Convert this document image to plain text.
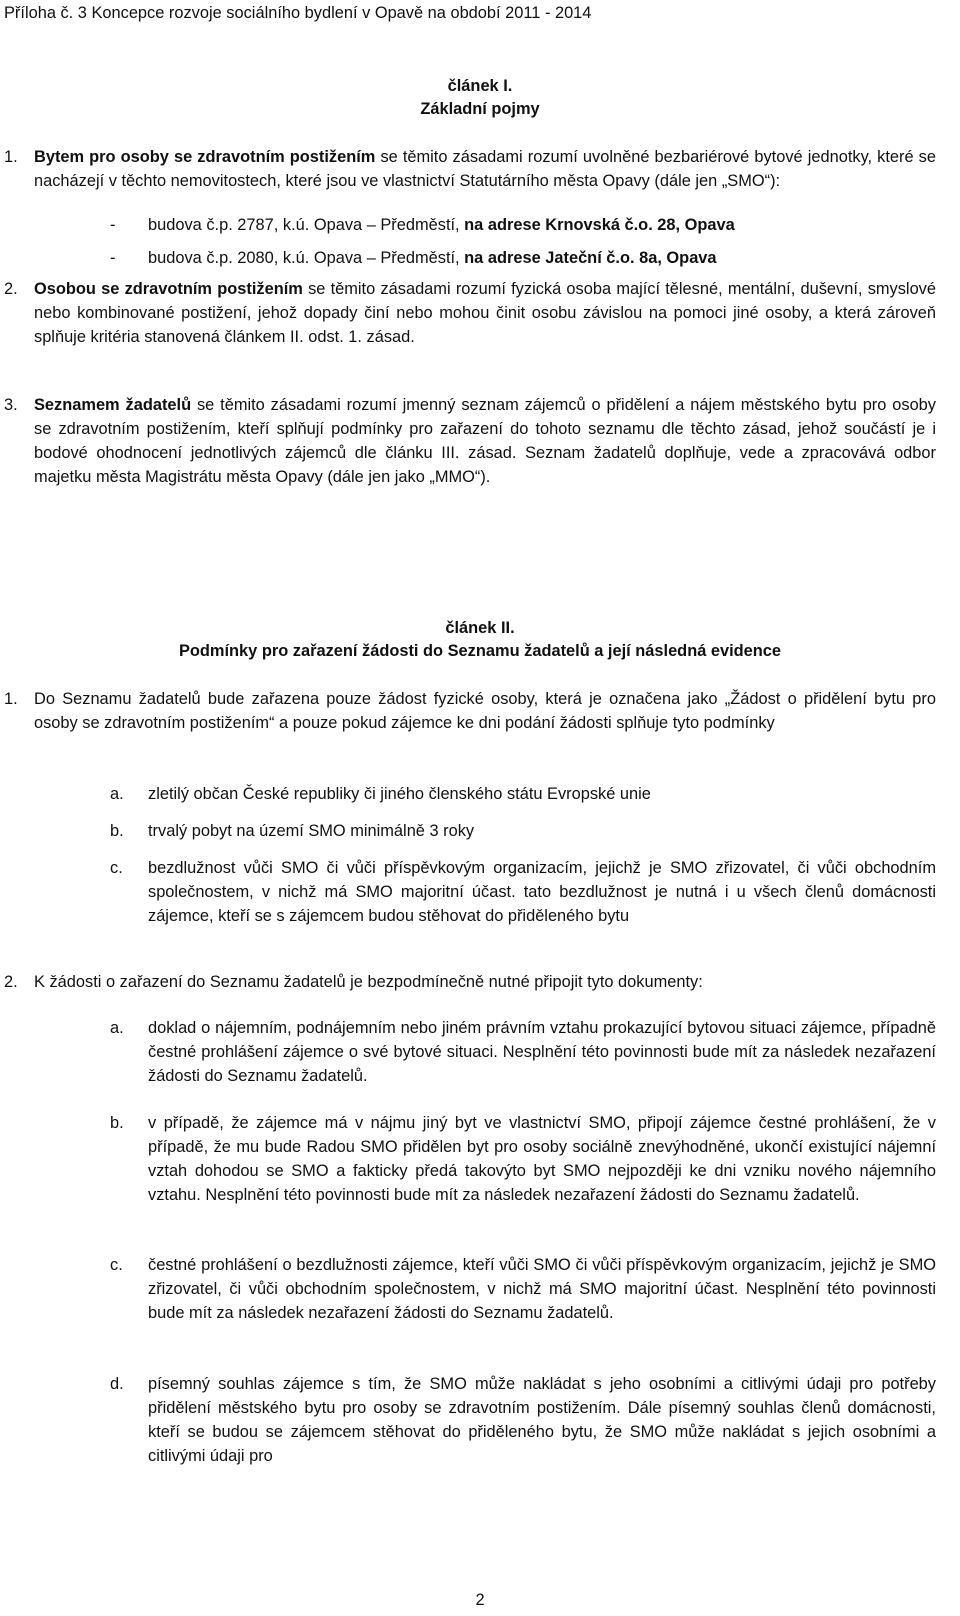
Příloha č. 3 Koncepce rozvoje sociálního bydlení v Opavě na období 2011 - 2014
článek I.
Základní pojmy
1. Bytem pro osoby se zdravotním postižením se těmito zásadami rozumí uvolněné bezbariérové bytové jednotky, které se nacházejí v těchto nemovitostech, které jsou ve vlastnictví Statutárního města Opavy (dále jen „SMO“):
- budova č.p. 2787, k.ú. Opava – Předměstí, na adrese Krnovská č.o. 28, Opava
- budova č.p. 2080, k.ú. Opava – Předměstí, na adrese Jateční č.o. 8a, Opava
2. Osobou se zdravotním postižením se těmito zásadami rozumí fyzická osoba mající tělesné, mentální, duševní, smyslové nebo kombinované postižení, jehož dopady činí nebo mohou činit osobu závislou na pomoci jiné osoby, a která zároveň splňuje kritéria stanovená článkem II. odst. 1. zásad.
3. Seznamem žadatelů se těmito zásadami rozumí jmenný seznam zájemců o přidělení a nájem městského bytu pro osoby se zdravotním postižením, kteří splňují podmínky pro zařazení do tohoto seznamu dle těchto zásad, jehož součástí je i bodové ohodnocení jednotlivých zájemců dle článku III. zásad. Seznam žadatelů doplňuje, vede a zpracovává odbor majetku města Magistrátu města Opavy (dále jen jako „MMO“).
článek II.
Podmínky pro zařazení žádosti do Seznamu žadatelů a její následná evidence
1. Do Seznamu žadatelů bude zařazena pouze žádost fyzické osoby, která je označena jako „Žádost o přidělení bytu pro osoby se zdravotním postižením“ a pouze pokud zájemce ke dni podání žádosti splňuje tyto podmínky
a. zletilý občan České republiky či jiného členského státu Evropské unie
b. trvalý pobyt na území SMO minimálně 3 roky
c. bezdlužnost vůči SMO či vůči příspěvkovým organizacím, jejichž je SMO zřizovatel, či vůči obchodním společnostem, v nichž má SMO majoritní účast. tato bezdlužnost je nutná i u všech členů domácnosti zájemce, kteří se s zájemcem budou stěhovat do přiděleného bytu
2. K žádosti o zařazení do Seznamu žadatelů je bezpodmínečně nutné připojit tyto dokumenty:
a. doklad o nájemním, podnájemním nebo jiném právním vztahu prokazující bytovou situaci zájemce, případně čestné prohlášení zájemce o své bytové situaci. Nesplnění této povinnosti bude mít za následek nezařazení žádosti do Seznamu žadatelů.
b. v případě, že zájemce má v nájmu jiný byt ve vlastnictví SMO, připojí zájemce čestné prohlášení, že v případě, že mu bude Radou SMO přidělen byt pro osoby sociálně znevýhodněné, ukončí existující nájemní vztah dohodou se SMO a fakticky předá takovýto byt SMO nejpozději ke dni vzniku nového nájemního vztahu. Nesplnění této povinnosti bude mít za následek nezařazení žádosti do Seznamu žadatelů.
c. čestné prohlášení o bezdlužnosti zájemce, kteří vůči SMO či vůči příspěvkovým organizacím, jejichž je SMO zřizovatel, či vůči obchodním společnostem, v nichž má SMO majoritní účast. Nesplnění této povinnosti bude mít za následek nezařazení žádosti do Seznamu žadatelů.
d. písemný souhlas zájemce s tím, že SMO může nakládat s jeho osobními a citlivými údaji pro potřeby přidělení městského bytu pro osoby se zdravotním postižením. Dále písemný souhlas členů domácnosti, kteří se budou se zájemcem stěhovat do přiděleného bytu, že SMO může nakládat s jejich osobními a citlivými údaji pro
2
